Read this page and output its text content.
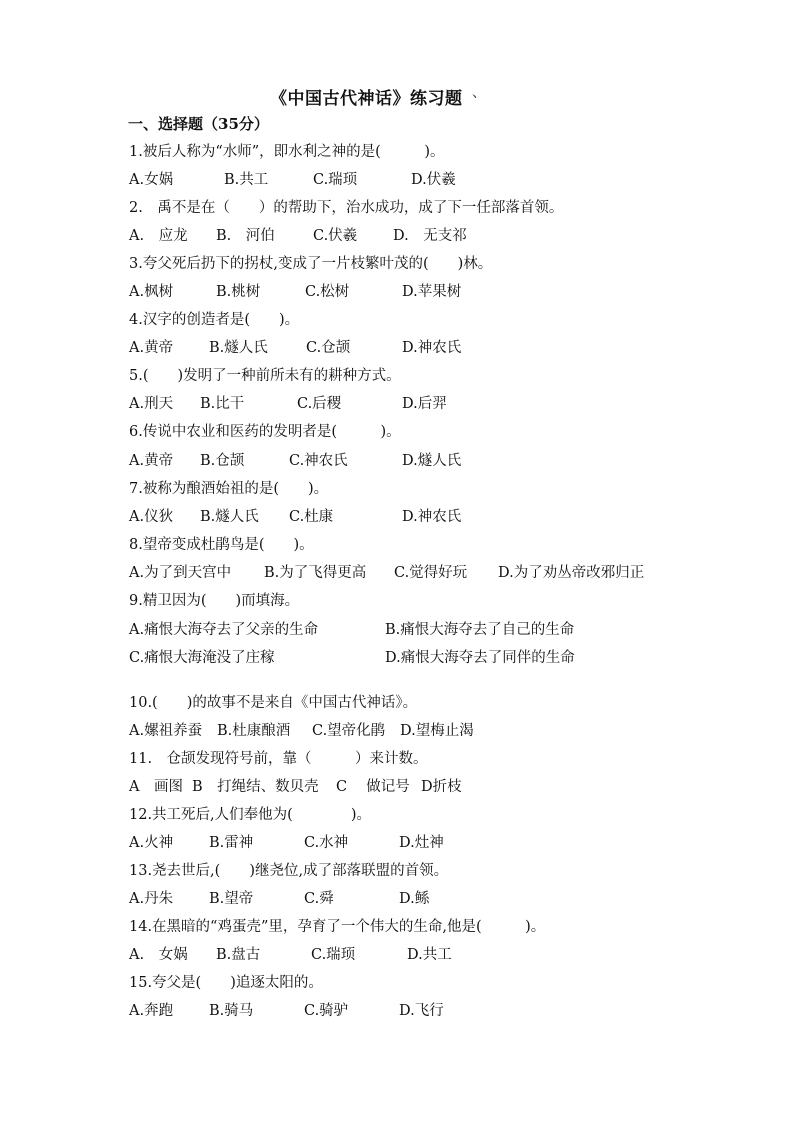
《中国古代神话》练习题 、
一、选择题（35分）
1.被后人称为“水师”，即水利之神的是(　　　)。
A.女娲	B.共工	C.瑞顼	D.伏羲
2.　禹不是在（　　）的帮助下，治水成功，成了下一任部落首领。
A.　应龙 B.　河伯	C.伏羲 D.　无支祁
3.夸父死后扔下的拐杖,变成了一片枝繁叶茂的(　　)林。
A.枫树	B.桃树	C.松树	D.苹果树
4.汉字的创造者是(　　)。
A.黄帝 B.燧人氏	C.仓颉	D.神农氏
5.(　　)发明了一种前所未有的耕种方式。
A.刑天 B.比干	C.后稷	D.后羿
6.传说中农业和医药的发明者是(　　　)。
A.黄帝 B.仓颉	C.神农氏	D.燧人氏
7.被称为酿酒始祖的是(　　)。
A.仪狄 B.燧人氏 C.杜康	D.神农氏
8.望帝变成杜鹃鸟是(　　)。
A.为了到天宫中 B.为了飞得更高 C.觉得好玩 D.为了劝丛帝改邪归正
9.精卫因为(　　)而填海。
A.痛恨大海夺去了父亲的生命	B.痛恨大海夺去了自己的生命
C.痛恨大海淹没了庄稼	D.痛恨大海夺去了同伴的生命
10.(　　)的故事不是来自《中国古代神话》。
A.嫘祖养蚕 B.杜康酿酒 C.望帝化鹃 D.望梅止渴
11.　仓颉发现符号前，靠（　　　）来计数。
A　画图 B　打绳结、数贝壳 C　 做记号 D折枝
12.共工死后,人们奉他为(　　　　)。
A.火神 B.雷神	C.水神	D.灶神
13.尧去世后,(　　)继尧位,成了部落联盟的首领。
A.丹朱 B.望帝	C.舜	D.鲧
14.在黑暗的“鸡蛋壳”里，孕育了一个伟大的生命,他是(　　　)。
A.　女娲 B.盘古	C.瑞顼	D.共工
15.夸父是(　　)追逐太阳的。
A.奔跑 B.骑马	C.骑驴	D.飞行
